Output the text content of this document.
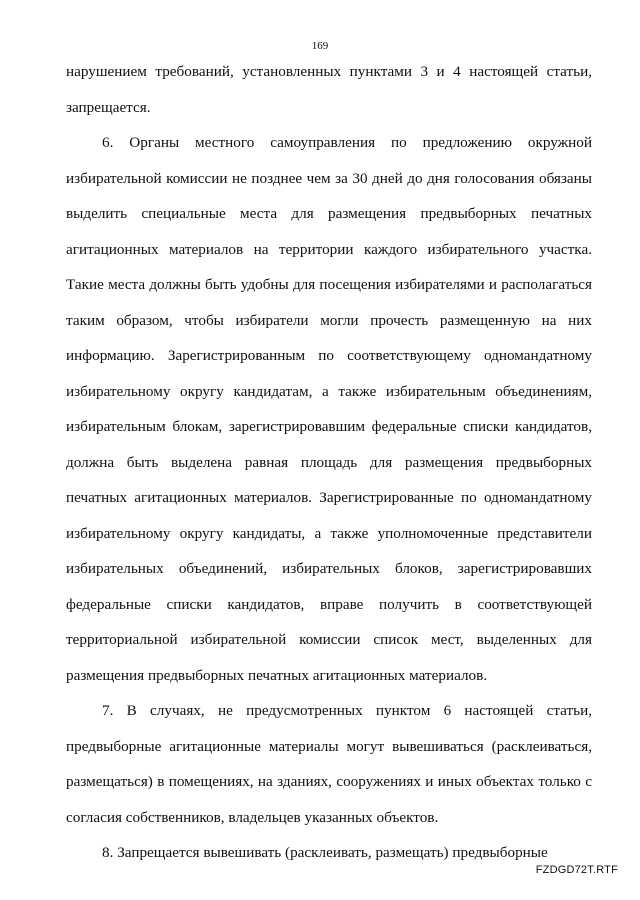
169

нарушением требований, установленных пунктами 3 и 4 настоящей статьи, запрещается.

6. Органы местного самоуправления по предложению окружной избирательной комиссии не позднее чем за 30 дней до дня голосования обязаны выделить специальные места для размещения предвыборных печатных агитационных материалов на территории каждого избирательного участка. Такие места должны быть удобны для посещения избирателями и располагаться таким образом, чтобы избиратели могли прочесть размещенную на них информацию. Зарегистрированным по соответствующему одномандатному избирательному округу кандидатам, а также избирательным объединениям, избирательным блокам, зарегистрировавшим федеральные списки кандидатов, должна быть выделена равная площадь для размещения предвыборных печатных агитационных материалов. Зарегистрированные по одномандатному избирательному округу кандидаты, а также уполномоченные представители избирательных объединений, избирательных блоков, зарегистрировавших федеральные списки кандидатов, вправе получить в соответствующей территориальной избирательной комиссии список мест, выделенных для размещения предвыборных печатных агитационных материалов.

7. В случаях, не предусмотренных пунктом 6 настоящей статьи, предвыборные агитационные материалы могут вывешиваться (расклеиваться, размещаться) в помещениях, на зданиях, сооружениях и иных объектах только с согласия собственников, владельцев указанных объектов.

8. Запрещается вывешивать (расклеивать, размещать) предвыборные

FZDGD72T.RTF
